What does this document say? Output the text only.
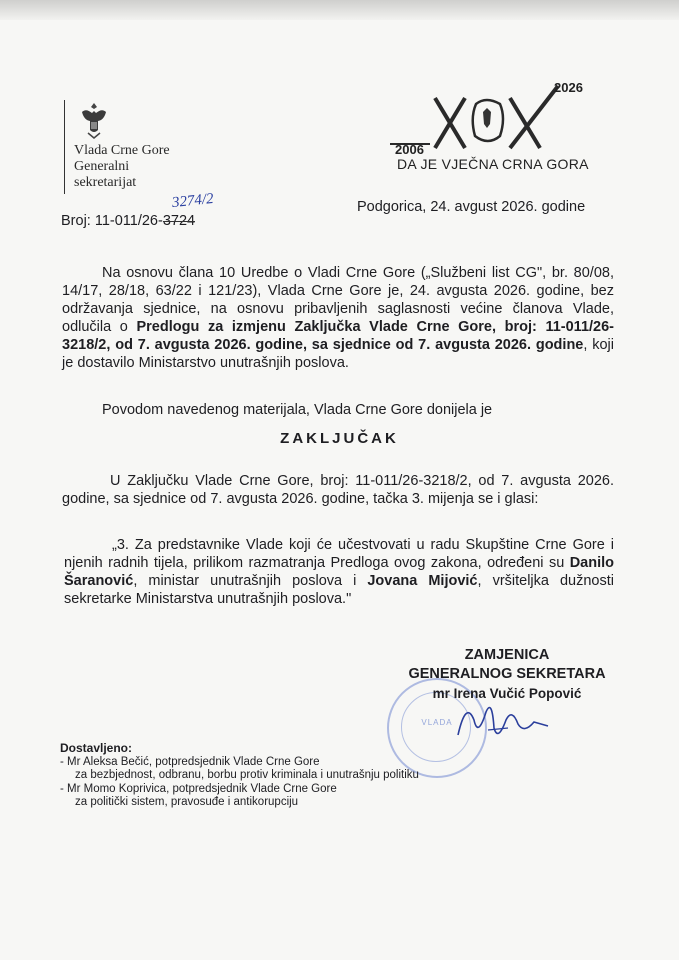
Vlada Crne Gore
Generalni
sekretarijat
2006
2026
DA JE VJEČNA CRNA GORA
Broj: 11-011/26-3724
3274/2	Podgorica, 24. avgust 2026. godine
Na osnovu člana 10 Uredbe o Vladi Crne Gore („Službeni list CG", br. 80/08, 14/17, 28/18, 63/22 i 121/23), Vlada Crne Gore je, 24. avgusta 2026. godine, bez održavanja sjednice, na osnovu pribavljenih saglasnosti većine članova Vlade, odlučila o Predlogu za izmjenu Zaključka Vlade Crne Gore, broj: 11-011/26-3218/2, od 7. avgusta 2026. godine, sa sjednice od 7. avgusta 2026. godine, koji je dostavilo Ministarstvo unutrašnjih poslova.
Povodom navedenog materijala, Vlada Crne Gore donijela je
ZAKLJUČAK
U Zaključku Vlade Crne Gore, broj: 11-011/26-3218/2, od 7. avgusta 2026. godine, sa sjednice od 7. avgusta 2026. godine, tačka 3. mijenja se i glasi:
„3. Za predstavnike Vlade koji će učestvovati u radu Skupštine Crne Gore i njenih radnih tijela, prilikom razmatranja Predloga ovog zakona, određeni su Danilo Šaranović, ministar unutrašnjih poslova i Jovana Mijović, vršiteljka dužnosti sekretarke Ministarstva unutrašnjih poslova."
VLADA
ZAMJENICA
GENERALNOG SEKRETARA
mr Irena Vučić Popović
Dostavljeno:
- Mr Aleksa Bečić, potpredsjednik Vlade Crne Gore
za bezbjednost, odbranu, borbu protiv kriminala i unutrašnju politiku
- Mr Momo Koprivica, potpredsjednik Vlade Crne Gore
za politički sistem, pravosuđe i antikorupciju
